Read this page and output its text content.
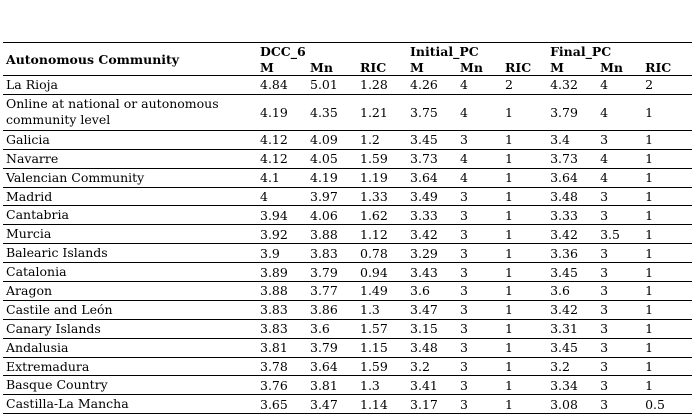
Autonomous Community	DCC_6			Initial_PC			Final_PC		
	M	Mn	RIC	M	Mn	RIC	M	Mn	RIC
La Rioja	4.84	5.01	1.28	4.26	4	2	4.32	4	2
Online at national or autonomous community level	4.19	4.35	1.21	3.75	4	1	3.79	4	1
Galicia	4.12	4.09	1.2	3.45	3	1	3.4	3	1
Navarre	4.12	4.05	1.59	3.73	4	1	3.73	4	1
Valencian Community	4.1	4.19	1.19	3.64	4	1	3.64	4	1
Madrid	4	3.97	1.33	3.49	3	1	3.48	3	1
Cantabria	3.94	4.06	1.62	3.33	3	1	3.33	3	1
Murcia	3.92	3.88	1.12	3.42	3	1	3.42	3.5	1
Balearic Islands	3.9	3.83	0.78	3.29	3	1	3.36	3	1
Catalonia	3.89	3.79	0.94	3.43	3	1	3.45	3	1
Aragon	3.88	3.77	1.49	3.6	3	1	3.6	3	1
Castile and León	3.83	3.86	1.3	3.47	3	1	3.42	3	1
Canary Islands	3.83	3.6	1.57	3.15	3	1	3.31	3	1
Andalusia	3.81	3.79	1.15	3.48	3	1	3.45	3	1
Extremadura	3.78	3.64	1.59	3.2	3	1	3.2	3	1
Basque Country	3.76	3.81	1.3	3.41	3	1	3.34	3	1
Castilla-La Mancha	3.65	3.47	1.14	3.17	3	1	3.08	3	0.5
